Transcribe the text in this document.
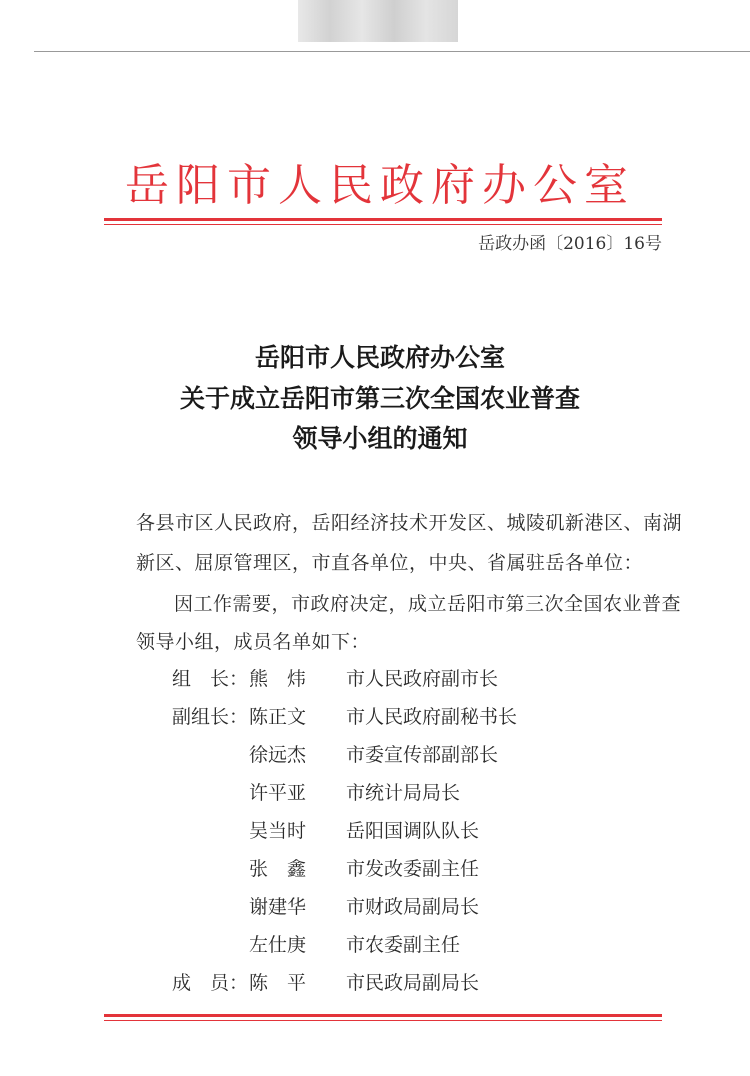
岳阳市人民政府办公室
岳政办函〔2016〕16号
岳阳市人民政府办公室
关于成立岳阳市第三次全国农业普查
领导小组的通知
各县市区人民政府，岳阳经济技术开发区、城陵矶新港区、南湖
新区、屈原管理区，市直各单位，中央、省属驻岳各单位：
因工作需要，市政府决定，成立岳阳市第三次全国农业普查
领导小组，成员名单如下：
组　长：
副组长：
成　员：
熊　炜 市人民政府副市长
陈正文 市人民政府副秘书长
徐远杰 市委宣传部副部长
许平亚 市统计局局长
吴当时 岳阳国调队队长
张　鑫 市发改委副主任
谢建华 市财政局副局长
左仕庚 市农委副主任
陈　平 市民政局副局长
